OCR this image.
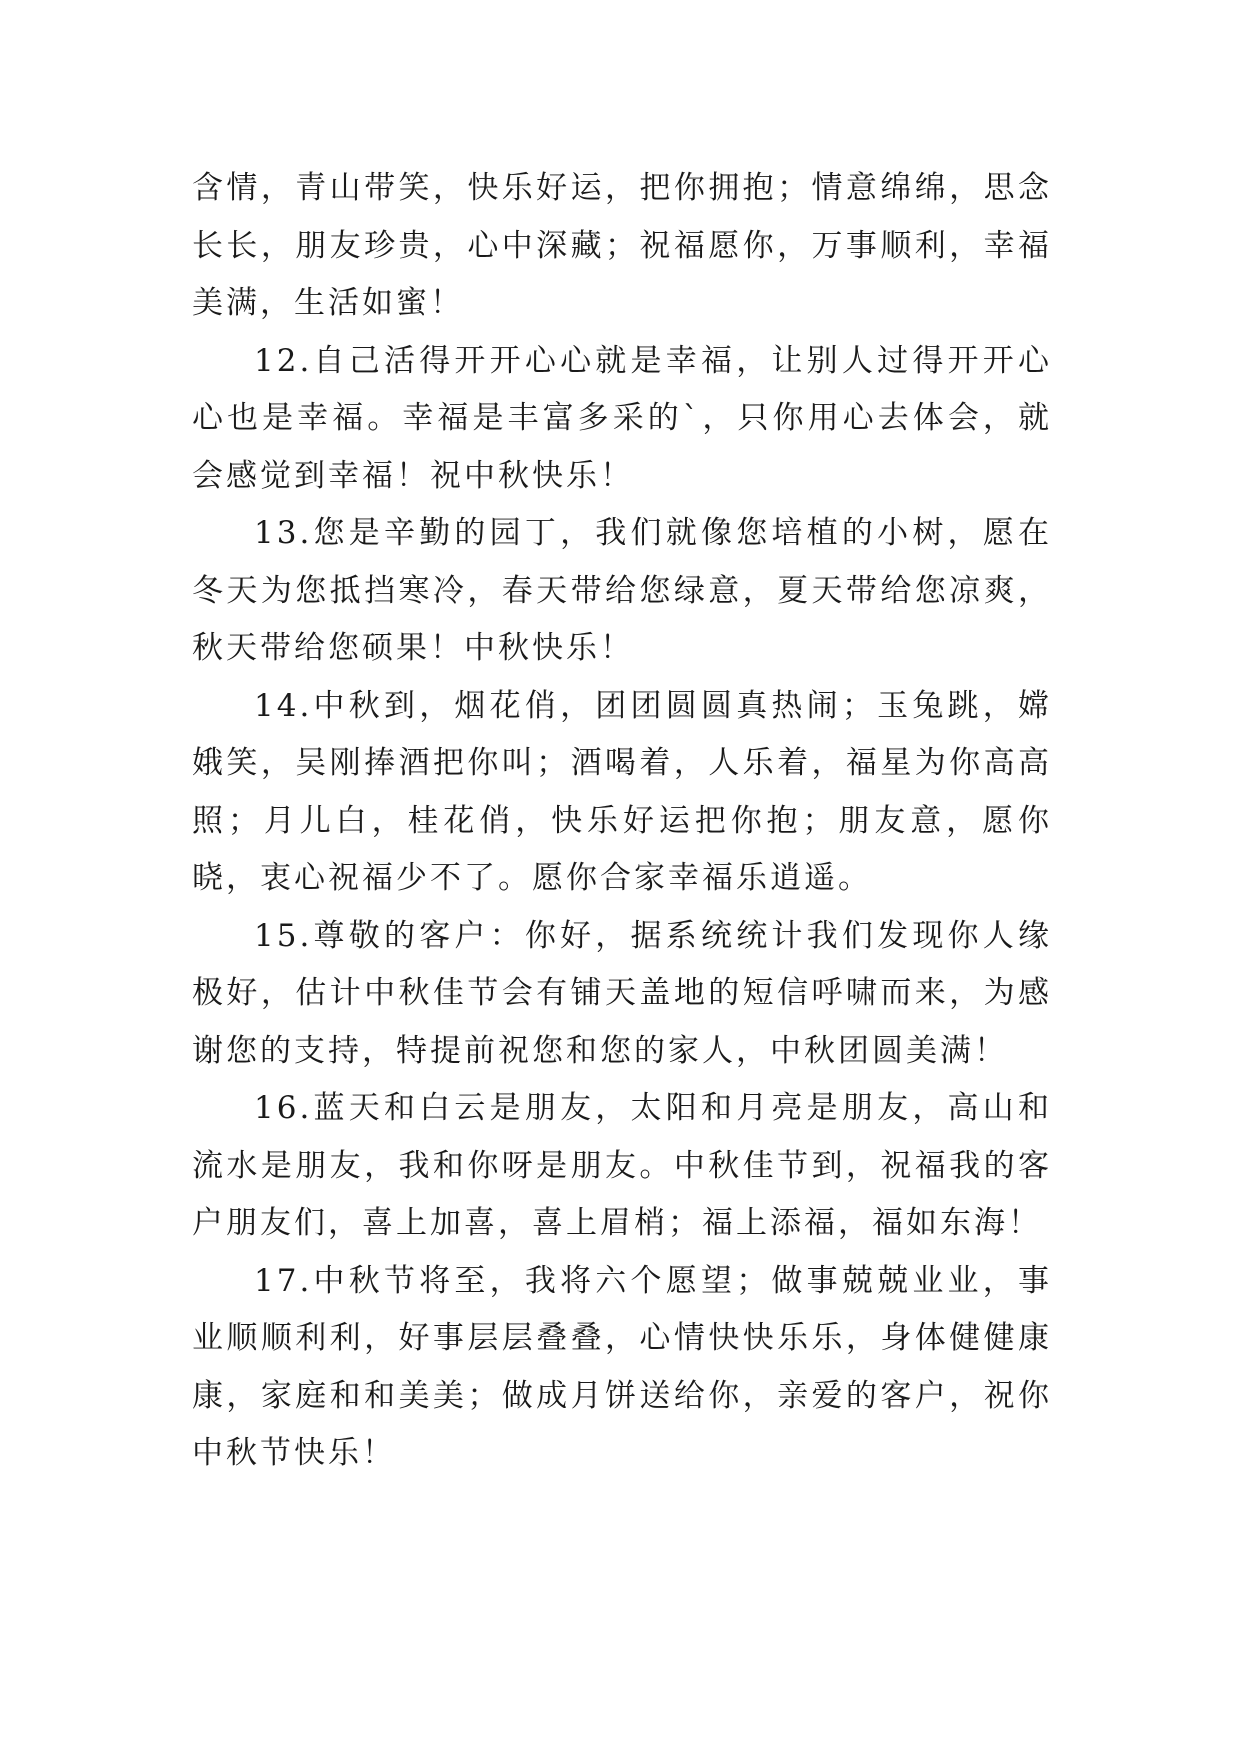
含情，青山带笑，快乐好运，把你拥抱；情意绵绵，思念长长，朋友珍贵，心中深藏；祝福愿你，万事顺利，幸福美满，生活如蜜！

12.自己活得开开心心就是幸福，让别人过得开开心心也是幸福。幸福是丰富多采的`，只你用心去体会，就会感觉到幸福！祝中秋快乐！

13.您是辛勤的园丁，我们就像您培植的小树，愿在冬天为您抵挡寒冷，春天带给您绿意，夏天带给您凉爽，秋天带给您硕果！中秋快乐！

14.中秋到，烟花俏，团团圆圆真热闹；玉兔跳，嫦娥笑，吴刚捧酒把你叫；酒喝着，人乐着，福星为你高高照；月儿白，桂花俏，快乐好运把你抱；朋友意，愿你晓，衷心祝福少不了。愿你合家幸福乐逍遥。

15.尊敬的客户：你好，据系统统计我们发现你人缘极好，估计中秋佳节会有铺天盖地的短信呼啸而来，为感谢您的支持，特提前祝您和您的家人，中秋团圆美满！

16.蓝天和白云是朋友，太阳和月亮是朋友，高山和流水是朋友，我和你呀是朋友。中秋佳节到，祝福我的客户朋友们，喜上加喜，喜上眉梢；福上添福，福如东海！

17.中秋节将至，我将六个愿望；做事兢兢业业，事业顺顺利利，好事层层叠叠，心情快快乐乐，身体健健康康，家庭和和美美；做成月饼送给你，亲爱的客户，祝你中秋节快乐！
